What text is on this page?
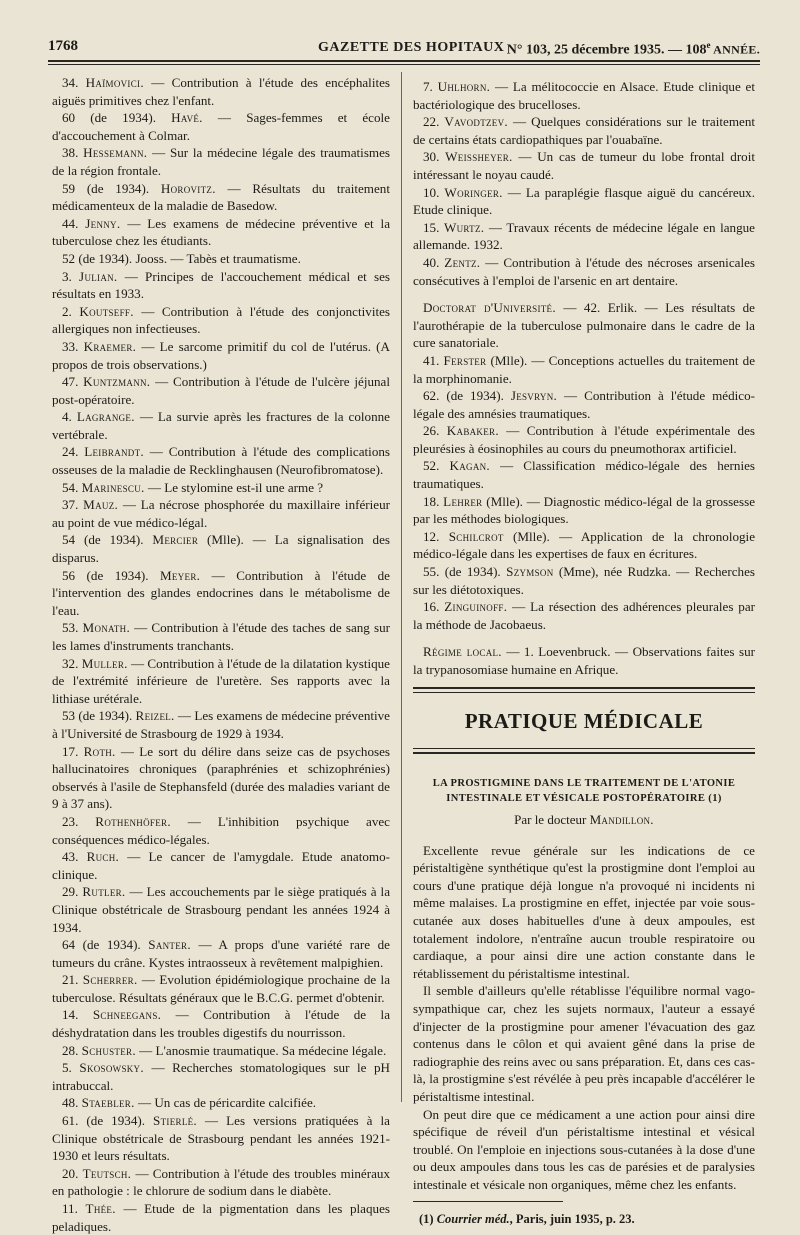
1768	GAZETTE DES HOPITAUX N° 103, 25 décembre 1935. — 108e ANNÉE.

34. Haïmovici. — Contribution à l'étude des encéphalites aiguës primitives chez l'enfant.

60 (de 1934). Havé. — Sages-femmes et école d'accouchement à Colmar.

38. Hessemann. — Sur la médecine légale des traumatismes de la région frontale.

59 (de 1934). Horovitz. — Résultats du traitement médicamenteux de la maladie de Basedow.

44. Jenny. — Les examens de médecine préventive et la tuberculose chez les étudiants.

52 (de 1934). Jooss. — Tabès et traumatisme.

3. Julian. — Principes de l'accouchement médical et ses résultats en 1933.

2. Koutseff. — Contribution à l'étude des conjonctivites allergiques non infectieuses.

33. Kraemer. — Le sarcome primitif du col de l'utérus. (A propos de trois observations.)

47. Kuntzmann. — Contribution à l'étude de l'ulcère jéjunal post-opératoire.

4. Lagrange. — La survie après les fractures de la colonne vertébrale.

24. Leibrandt. — Contribution à l'étude des complications osseuses de la maladie de Recklinghausen (Neurofibromatose).

54. Marinescu. — Le stylomine est-il une arme ?

37. Mauz. — La nécrose phosphorée du maxillaire inférieur au point de vue médico-légal.

54 (de 1934). Mercier (Mlle). — La signalisation des disparus.

56 (de 1934). Meyer. — Contribution à l'étude de l'intervention des glandes endocrines dans le métabolisme de l'eau.

53. Monath. — Contribution à l'étude des taches de sang sur les lames d'instruments tranchants.

32. Muller. — Contribution à l'étude de la dilatation kystique de l'extrémité inférieure de l'uretère. Ses rapports avec la lithiase urétérale.

53 (de 1934). Reizel. — Les examens de médecine préventive à l'Université de Strasbourg de 1929 à 1934.

17. Roth. — Le sort du délire dans seize cas de psychoses hallucinatoires chroniques (paraphrénies et schizophrénies) observés à l'asile de Stephansfeld (durée des maladies variant de 9 à 37 ans).

23. Rothenhöfer. — L'inhibition psychique avec conséquences médico-légales.

43. Ruch. — Le cancer de l'amygdale. Etude anatomo-clinique.

29. Rutler. — Les accouchements par le siège pratiqués à la Clinique obstétricale de Strasbourg pendant les années 1924 à 1934.

64 (de 1934). Santer. — A props d'une variété rare de tumeurs du crâne. Kystes intraosseux à revêtement malpighien.

21. Scherrer. — Evolution épidémiologique prochaine de la tuberculose. Résultats généraux que le B.C.G. permet d'obtenir.

14. Schneegans. — Contribution à l'étude de la déshydratation dans les troubles digestifs du nourrisson.

28. Schuster. — L'anosmie traumatique. Sa médecine légale.

5. Skosowsky. — Recherches stomatologiques sur le pH intrabuccal.

48. Staebler. — Un cas de péricardite calcifiée.

61. (de 1934). Stierlé. — Les versions pratiquées à la Clinique obstétricale de Strasbourg pendant les années 1921-1930 et leurs résultats.

20. Teutsch. — Contribution à l'étude des troubles minéraux en pathologie : le chlorure de sodium dans le diabète.

11. Thée. — Etude de la pigmentation dans les plaques peladiques.

7. Uhlhorn. — La mélitococcie en Alsace. Etude clinique et bactériologique des brucelloses.

22. Vavodtzev. — Quelques considérations sur le traitement de certains états cardiopathiques par l'ouabaïne.

30. Weissheyer. — Un cas de tumeur du lobe frontal droit intéressant le noyau caudé.

10. Woringer. — La paraplégie flasque aiguë du cancéreux. Etude clinique.

15. Wurtz. — Travaux récents de médecine légale en langue allemande. 1932.

40. Zentz. — Contribution à l'étude des nécroses arsenicales consécutives à l'emploi de l'arsenic en art dentaire.

Doctorat d'Université. — 42. Erlik. — Les résultats de l'aurothérapie de la tuberculose pulmonaire dans le cadre de la cure sanatoriale.

41. Ferster (Mlle). — Conceptions actuelles du traitement de la morphinomanie.

62. (de 1934). Jesvryn. — Contribution à l'étude médico-légale des amnésies traumatiques.

26. Kabaker. — Contribution à l'étude expérimentale des pleurésies à éosinophiles au cours du pneumothorax artificiel.

52. Kagan. — Classification médico-légale des hernies traumatiques.

18. Lehrer (Mlle). — Diagnostic médico-légal de la grossesse par les méthodes biologiques.

12. Schilcrot (Mlle). — Application de la chronologie médico-légale dans les expertises de faux en écritures.

55. (de 1934). Szymson (Mme), née Rudzka. — Recherches sur les diétotoxiques.

16. Zinguinoff. — La résection des adhérences pleurales par la méthode de Jacobaeus.

Régime local. — 1. Loevenbruck. — Observations faites sur la trypanosomiase humaine en Afrique.

PRATIQUE MÉDICALE
LA PROSTIGMINE DANS LE TRAITEMENT DE L'ATONIE INTESTINALE ET VÉSICALE POSTOPÉRATOIRE (1)
Par le docteur Mandillon.

Excellente revue générale sur les indications de ce péristaltigène synthétique qu'est la prostigmine dont l'emploi au cours d'une pratique déjà longue n'a provoqué ni incidents ni même malaises. La prostigmine en effet, injectée par voie sous-cutanée aux doses habituelles d'une à deux ampoules, est totalement indolore, n'entraîne aucun trouble respiratoire ou cardiaque, a pour ainsi dire une action constante dans le rétablissement du péristaltisme intestinal.

Il semble d'ailleurs qu'elle rétablisse l'équilibre normal vago-sympathique car, chez les sujets normaux, l'auteur a essayé d'injecter de la prostigmine pour amener l'évacuation des gaz contenus dans le côlon et qui avaient gêné dans la prise de radiographie des reins avec ou sans préparation. Et, dans ces cas-là, la prostigmine s'est révélée à peu près incapable d'accélérer le péristaltisme intestinal.

On peut dire que ce médicament a une action pour ainsi dire spécifique de réveil d'un péristaltisme intestinal et vésical troublé. On l'emploie en injections sous-cutanées à la dose d'une ou deux ampoules dans tous les cas de parésies et de paralysies intestinale et vésicale non organiques, même chez les enfants.

(1) Courrier méd., Paris, juin 1935, p. 23.
